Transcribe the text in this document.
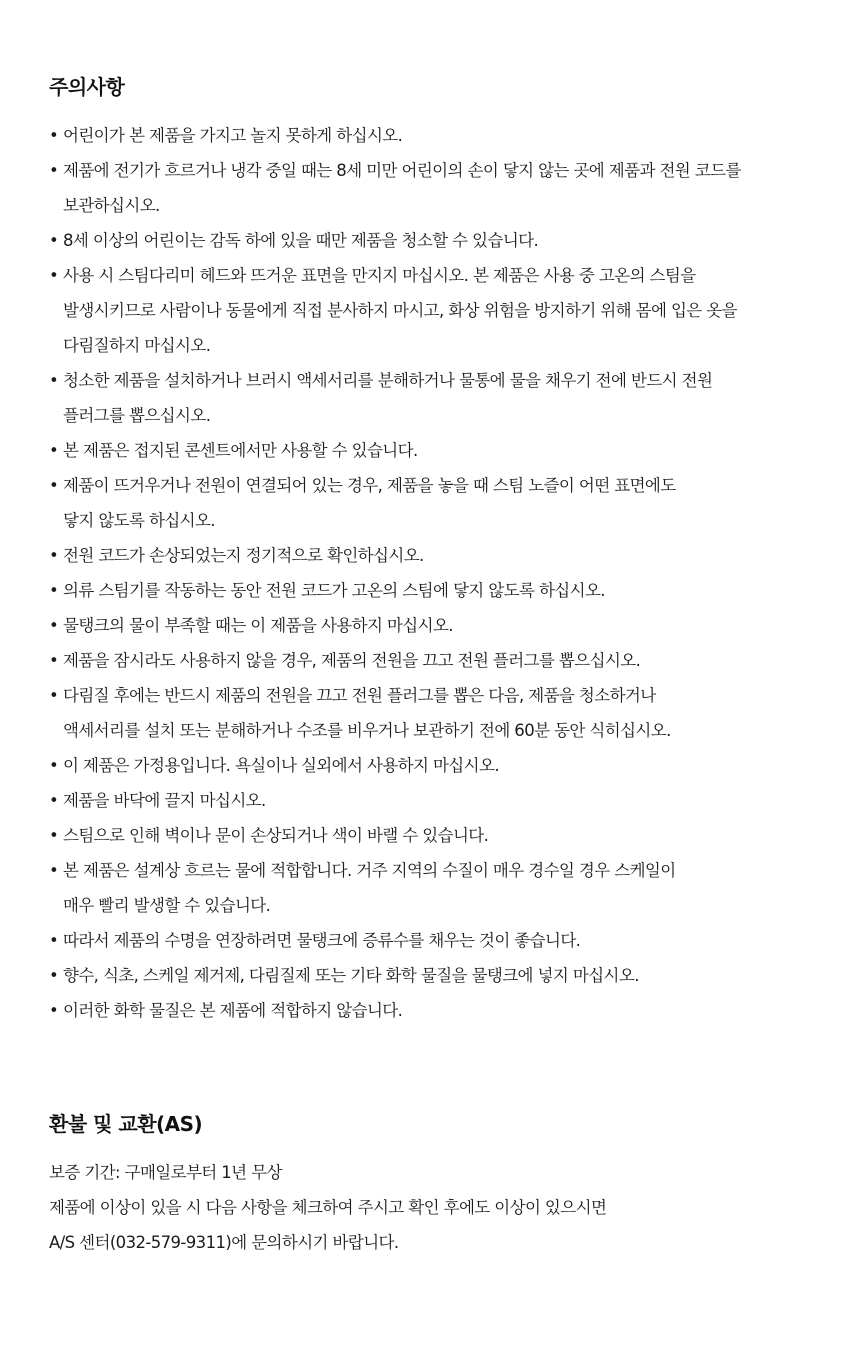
주의사항
• 어린이가 본 제품을 가지고 놀지 못하게 하십시오.
• 제품에 전기가 흐르거나 냉각 중일 때는 8세 미만 어린이의 손이 닿지 않는 곳에 제품과 전원 코드를
보관하십시오.
• 8세 이상의 어린이는 감독 하에 있을 때만 제품을 청소할 수 있습니다.
• 사용 시 스팀다리미 헤드와 뜨거운 표면을 만지지 마십시오. 본 제품은 사용 중 고온의 스팀을
발생시키므로 사람이나 동물에게 직접 분사하지 마시고, 화상 위험을 방지하기 위해 몸에 입은 옷을
다림질하지 마십시오.
• 청소한 제품을 설치하거나 브러시 액세서리를 분해하거나 물통에 물을 채우기 전에 반드시 전원
플러그를 뽑으십시오.
• 본 제품은 접지된 콘센트에서만 사용할 수 있습니다.
• 제품이 뜨거우거나 전원이 연결되어 있는 경우, 제품을 놓을 때 스팀 노즐이 어떤 표면에도
닿지 않도록 하십시오.
• 전원 코드가 손상되었는지 정기적으로 확인하십시오.
• 의류 스팀기를 작동하는 동안 전원 코드가 고온의 스팀에 닿지 않도록 하십시오.
• 물탱크의 물이 부족할 때는 이 제품을 사용하지 마십시오.
• 제품을 잠시라도 사용하지 않을 경우, 제품의 전원을 끄고 전원 플러그를 뽑으십시오.
• 다림질 후에는 반드시 제품의 전원을 끄고 전원 플러그를 뽑은 다음, 제품을 청소하거나
액세서리를 설치 또는 분해하거나 수조를 비우거나 보관하기 전에 60분 동안 식히십시오.
• 이 제품은 가정용입니다. 욕실이나 실외에서 사용하지 마십시오.
• 제품을 바닥에 끌지 마십시오.
• 스팀으로 인해 벽이나 문이 손상되거나 색이 바랠 수 있습니다.
• 본 제품은 설계상 흐르는 물에 적합합니다. 거주 지역의 수질이 매우 경수일 경우 스케일이
매우 빨리 발생할 수 있습니다.
• 따라서 제품의 수명을 연장하려면 물탱크에 증류수를 채우는 것이 좋습니다.
• 향수, 식초, 스케일 제거제, 다림질제 또는 기타 화학 물질을 물탱크에 넣지 마십시오.
• 이러한 화학 물질은 본 제품에 적합하지 않습니다.
환불 및 교환(AS)
보증 기간: 구매일로부터 1년 무상
제품에 이상이 있을 시 다음 사항을 체크하여 주시고 확인 후에도 이상이 있으시면
A/S 센터(032-579-9311)에 문의하시기 바랍니다.
